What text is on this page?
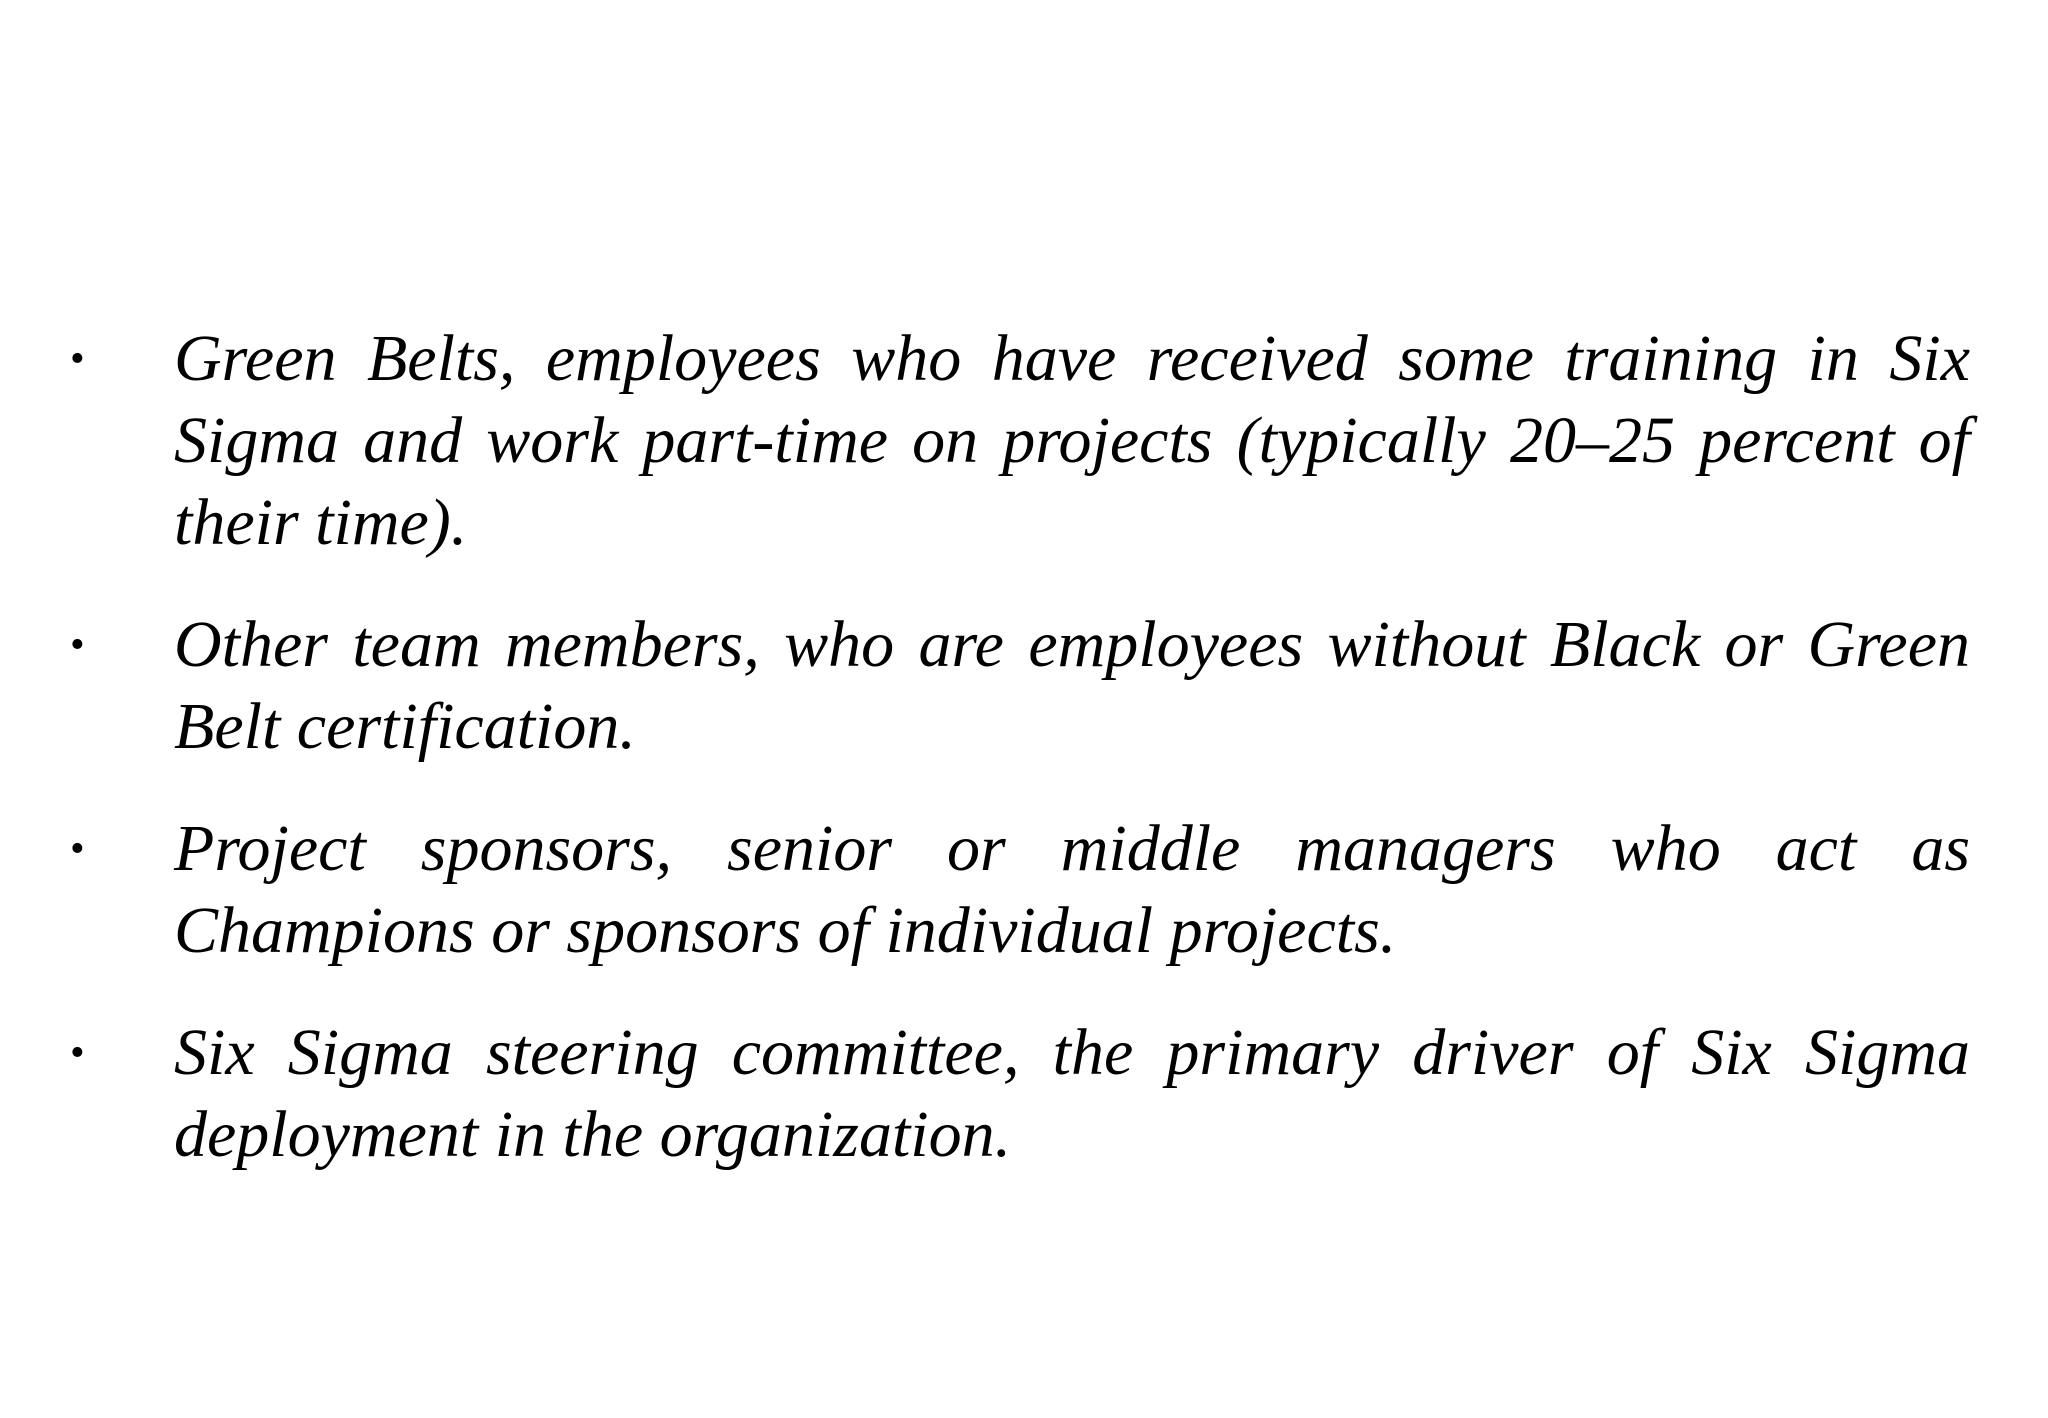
•	Green Belts, employees who have received some training in Six Sigma and work part-time on projects (typically 20–25 percent of their time).
•	Other team members, who are employees without Black or Green Belt certification.
•	Project sponsors, senior or middle managers who act as Champions or sponsors of individual projects.
•	Six Sigma steering committee, the primary driver of Six Sigma deployment in the organization.
